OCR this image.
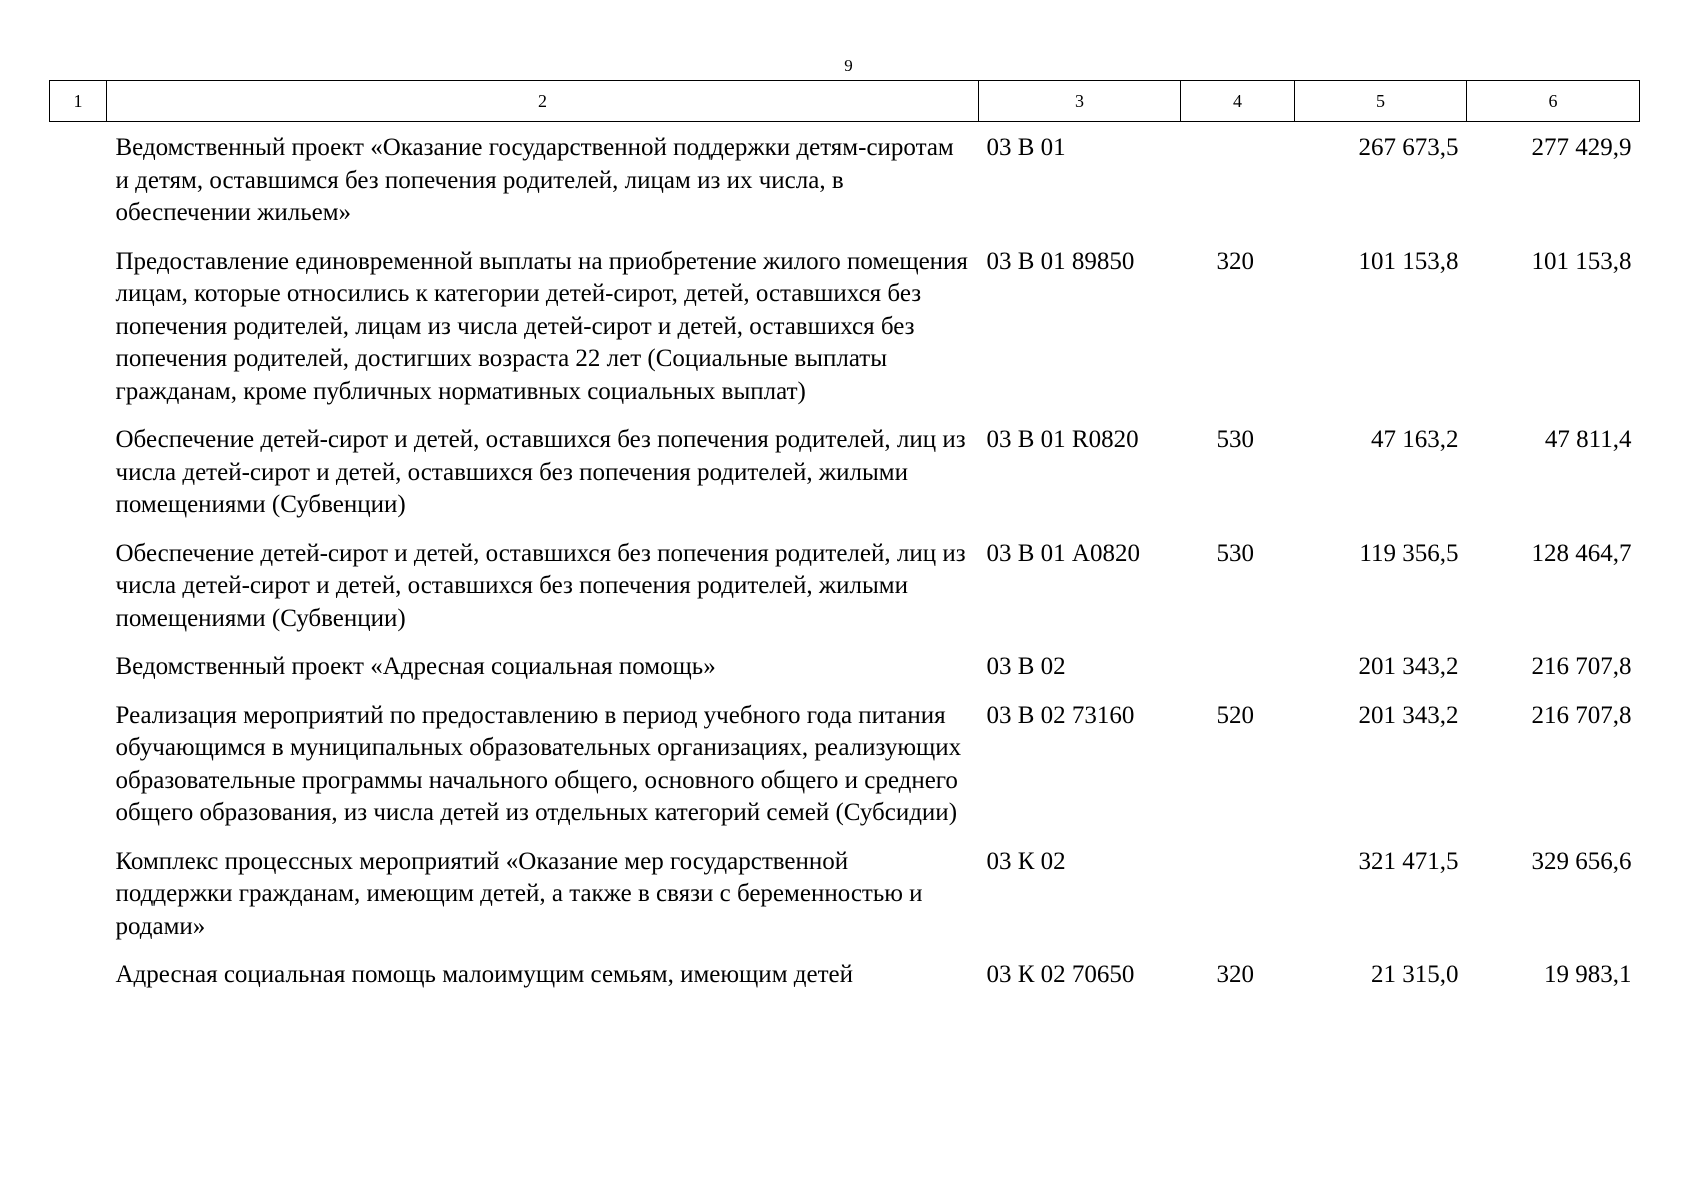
9
1	2	3	4	5	6
	Ведомственный проект «Оказание государственной поддержки детям-сиротам и детям, оставшимся без попечения родителей, лицам из их числа, в обеспечении жильем»	03 В 01		267 673,5	277 429,9
	Предоставление единовременной выплаты на приобретение жилого помещения лицам, которые относились к категории детей-сирот, детей, оставшихся без попечения родителей, лицам из числа детей-сирот и детей, оставшихся без попечения родителей, достигших возраста 22 лет (Социальные выплаты гражданам, кроме публичных нормативных социальных выплат)	03 В 01 89850	320	101 153,8	101 153,8
	Обеспечение детей-сирот и детей, оставшихся без попечения родителей, лиц из числа детей-сирот и детей, оставшихся без попечения родителей, жилыми помещениями (Субвенции)	03 В 01 R0820	530	47 163,2	47 811,4
	Обеспечение детей-сирот и детей, оставшихся без попечения родителей, лиц из числа детей-сирот и детей, оставшихся без попечения родителей, жилыми помещениями (Субвенции)	03 В 01 А0820	530	119 356,5	128 464,7
	Ведомственный проект «Адресная социальная помощь»	03 В 02		201 343,2	216 707,8
	Реализация мероприятий по предоставлению в период учебного года питания обучающимся в муниципальных образовательных организациях, реализующих образовательные программы начального общего, основного общего и среднего общего образования, из числа детей из отдельных категорий семей (Субсидии)	03 В 02 73160	520	201 343,2	216 707,8
	Комплекс процессных мероприятий «Оказание мер государственной поддержки гражданам, имеющим детей, а также в связи с беременностью и родами»	03 К 02		321 471,5	329 656,6
	Адресная социальная помощь малоимущим семьям, имеющим детей	03 К 02 70650	320	21 315,0	19 983,1
